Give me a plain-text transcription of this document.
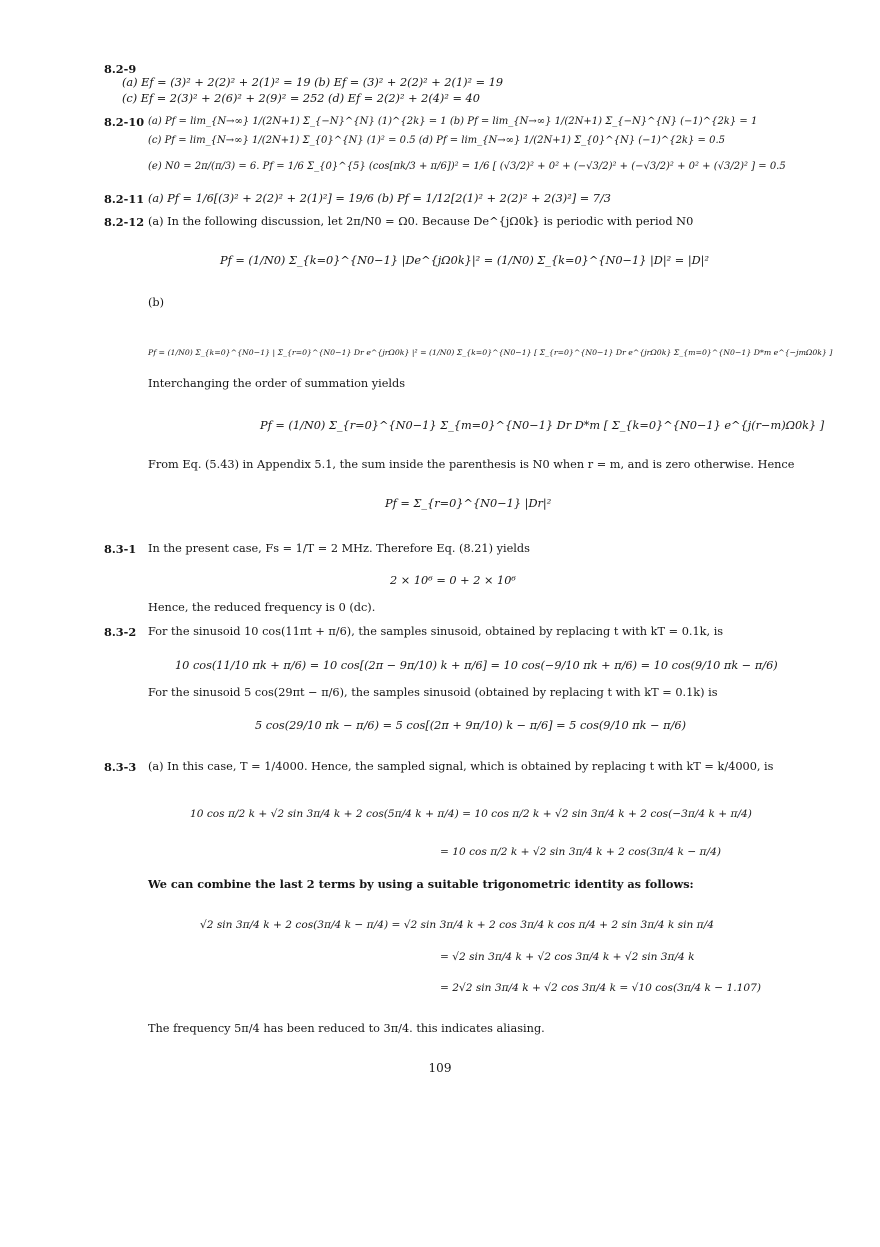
8.2-9
(a) Ef = (3)² + 2(2)² + 2(1)² = 19 (b) Ef = (3)² + 2(2)² + 2(1)² = 19
(c) Ef = 2(3)² + 2(6)² + 2(9)² = 252 (d) Ef = 2(2)² + 2(4)² = 40
8.2-10 (a) Pf = lim_{N→∞} 1/(2N+1) Σ_{−N}^{N} (1)^{2k} = 1 (b) Pf = lim_{N→∞} 1/(2N+1) Σ_{−N}^{N} (−1)^{2k} = 1
(c) Pf = lim_{N→∞} 1/(2N+1) Σ_{0}^{N} (1)² = 0.5 (d) Pf = lim_{N→∞} 1/(2N+1) Σ_{0}^{N} (−1)^{2k} = 0.5
(e) N0 = 2π/(π/3) = 6. Pf = 1/6 Σ_{0}^{5} (cos[πk/3 + π/6])² = 1/6 [ (√3/2)² + 0² + (−√3/2)² + (−√3/2)² + 0² + (√3/2)² ] = 0.5
8.2-11 (a) Pf = 1/6[(3)² + 2(2)² + 2(1)²] = 19/6 (b) Pf = 1/12[2(1)² + 2(2)² + 2(3)²] = 7/3
8.2-12 (a) In the following discussion, let 2π/N0 = Ω0. Because De^{jΩ0k} is periodic with period N0
Pf = (1/N0) Σ_{k=0}^{N0−1} |De^{jΩ0k}|² = (1/N0) Σ_{k=0}^{N0−1} |D|² = |D|²
(b)
Pf = (1/N0) Σ_{k=0}^{N0−1} | Σ_{r=0}^{N0−1} Dr e^{jrΩ0k} |² = (1/N0) Σ_{k=0}^{N0−1} [ Σ_{r=0}^{N0−1} Dr e^{jrΩ0k} Σ_{m=0}^{N0−1} D*m e^{−jmΩ0k} ]
Interchanging the order of summation yields
Pf = (1/N0) Σ_{r=0}^{N0−1} Σ_{m=0}^{N0−1} Dr D*m [ Σ_{k=0}^{N0−1} e^{j(r−m)Ω0k} ]
From Eq. (5.43) in Appendix 5.1, the sum inside the parenthesis is N0 when r = m, and is zero otherwise. Hence
Pf = Σ_{r=0}^{N0−1} |Dr|²
8.3-1 In the present case, Fs = 1/T = 2 MHz. Therefore Eq. (8.21) yields
2 × 10⁶ = 0 + 2 × 10⁶
Hence, the reduced frequency is 0 (dc).
8.3-2 For the sinusoid 10 cos(11πt + π/6), the samples sinusoid, obtained by replacing t with kT = 0.1k, is
10 cos(11/10 πk + π/6) = 10 cos[(2π − 9π/10) k + π/6] = 10 cos(−9/10 πk + π/6) = 10 cos(9/10 πk − π/6)
For the sinusoid 5 cos(29πt − π/6), the samples sinusoid (obtained by replacing t with kT = 0.1k) is
5 cos(29/10 πk − π/6) = 5 cos[(2π + 9π/10) k − π/6] = 5 cos(9/10 πk − π/6)
8.3-3 (a) In this case, T = 1/4000. Hence, the sampled signal, which is obtained by replacing t with kT = k/4000, is
10 cos π/2 k + √2 sin 3π/4 k + 2 cos(5π/4 k + π/4) = 10 cos π/2 k + √2 sin 3π/4 k + 2 cos(−3π/4 k + π/4)
= 10 cos π/2 k + √2 sin 3π/4 k + 2 cos(3π/4 k − π/4)
We can combine the last 2 terms by using a suitable trigonometric identity as follows:
√2 sin 3π/4 k + 2 cos(3π/4 k − π/4) = √2 sin 3π/4 k + 2 cos 3π/4 k cos π/4 + 2 sin 3π/4 k sin π/4
= √2 sin 3π/4 k + √2 cos 3π/4 k + √2 sin 3π/4 k
= 2√2 sin 3π/4 k + √2 cos 3π/4 k = √10 cos(3π/4 k − 1.107)
The frequency 5π/4 has been reduced to 3π/4. this indicates aliasing.
109
